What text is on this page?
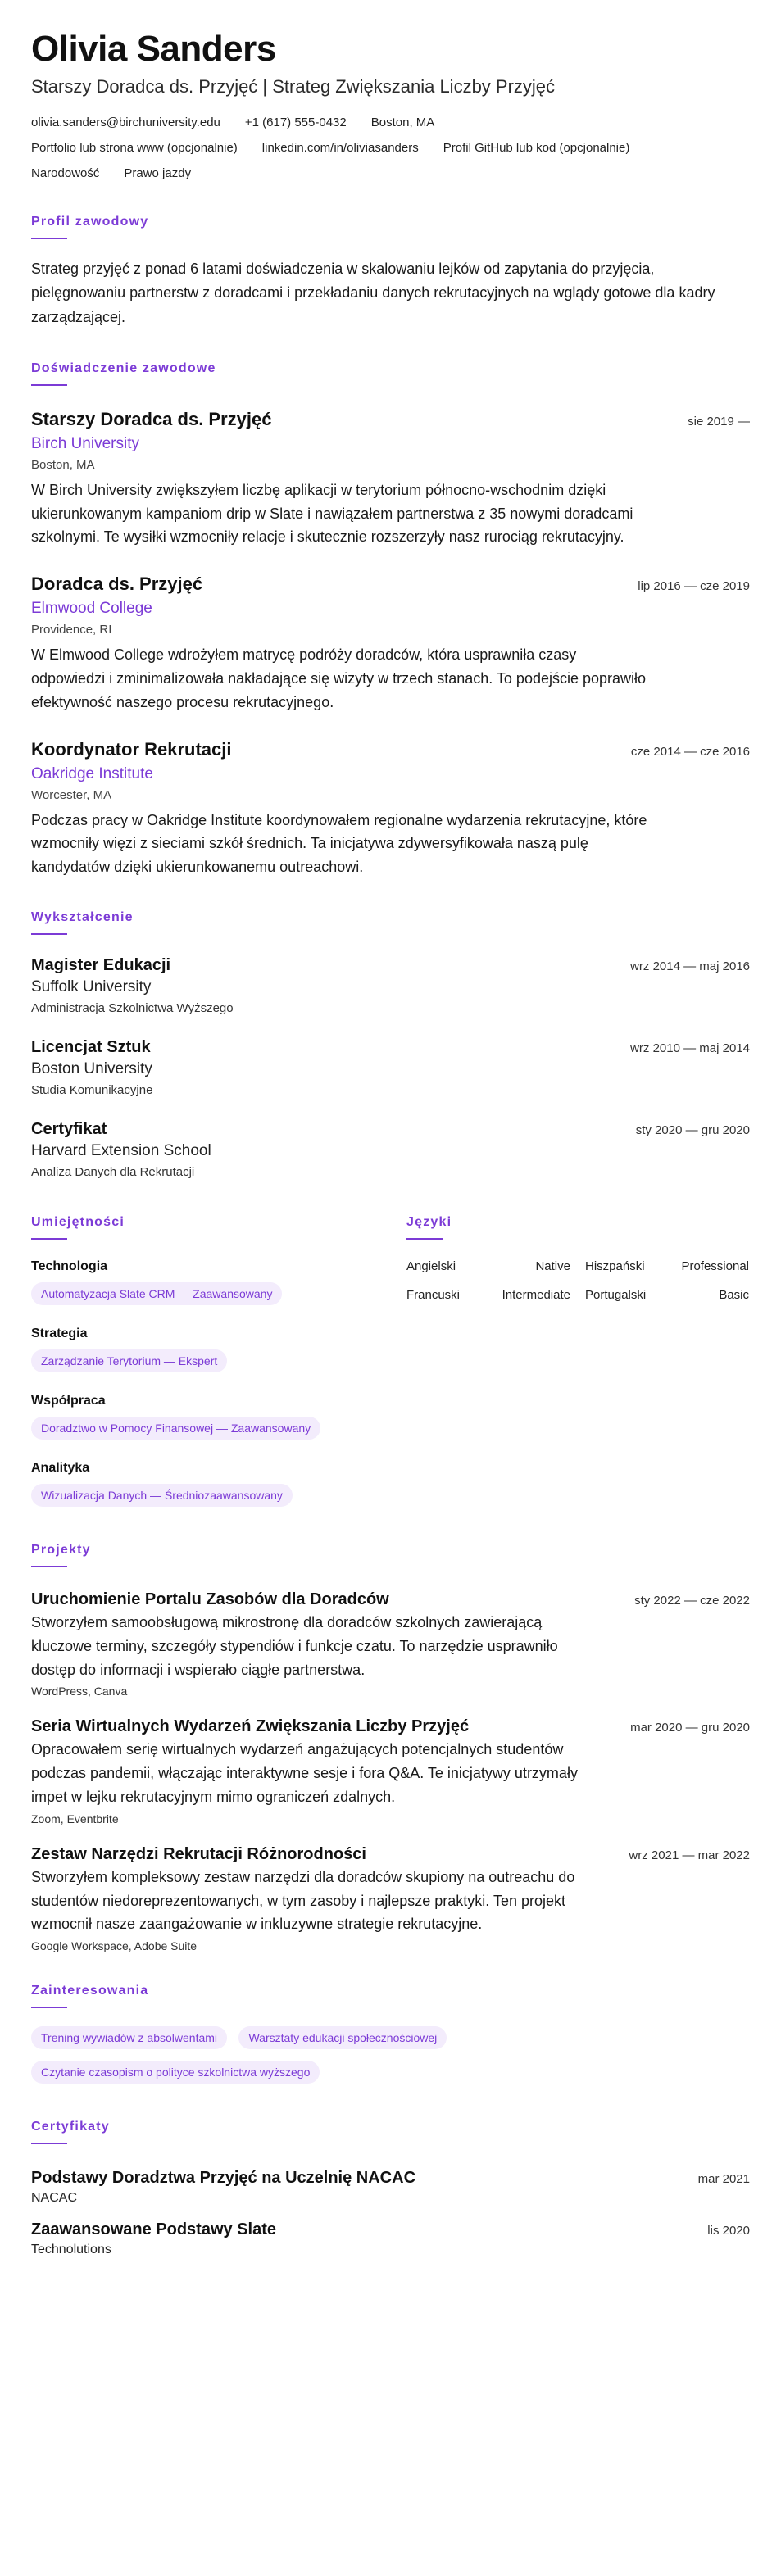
Olivia Sanders
Starszy Doradca ds. Przyjęć | Strateg Zwiększania Liczby Przyjęć
olivia.sanders@birchuniversity.edu +1 (617) 555-0432 Boston, MA
Portfolio lub strona www (opcjonalnie) linkedin.com/in/oliviasanders Profil GitHub lub kod (opcjonalnie)
Narodowość Prawo jazdy
Profil zawodowy

Strateg przyjęć z ponad 6 latami doświadczenia w skalowaniu lejków od zapytania do przyjęcia, pielęgnowaniu partnerstw z doradcami i przekładaniu danych rekrutacyjnych na wglądy gotowe dla kadry zarządzającej.

Doświadczenie zawodowe
Starszy Doradca ds. Przyjęć	sie 2019 —
Birch University
Boston, MA
W Birch University zwiększyłem liczbę aplikacji w terytorium północno-wschodnim dzięki ukierunkowanym kampaniom drip w Slate i nawiązałem partnerstwa z 35 nowymi doradcami szkolnymi. Te wysiłki wzmocniły relacje i skutecznie rozszerzyły nasz rurociąg rekrutacyjny.
Doradca ds. Przyjęć	lip 2016 — cze 2019
Elmwood College
Providence, RI
W Elmwood College wdrożyłem matrycę podróży doradców, która usprawniła czasy odpowiedzi i zminimalizowała nakładające się wizyty w trzech stanach. To podejście poprawiło efektywność naszego procesu rekrutacyjnego.
Koordynator Rekrutacji	cze 2014 — cze 2016
Oakridge Institute
Worcester, MA
Podczas pracy w Oakridge Institute koordynowałem regionalne wydarzenia rekrutacyjne, które wzmocniły więzi z sieciami szkół średnich. Ta inicjatywa zdywersyfikowała naszą pulę kandydatów dzięki ukierunkowanemu outreachowi.
Wykształcenie
Magister Edukacji	wrz 2014 — maj 2016
Suffolk University
Administracja Szkolnictwa Wyższego
Licencjat Sztuk	wrz 2010 — maj 2014
Boston University
Studia Komunikacyjne
Certyfikat	sty 2020 — gru 2020
Harvard Extension School
Analiza Danych dla Rekrutacji
Umiejętności
Technologia
Automatyzacja Slate CRM — Zaawansowany
Strategia
Zarządzanie Terytorium — Ekspert
Współpraca
Doradztwo w Pomocy Finansowej — Zaawansowany
Analityka
Wizualizacja Danych — Średniozaawansowany
Języki
Angielski	Native Hiszpański	Professional
Francuski	Intermediate Portugalski	Basic
Projekty
Uruchomienie Portalu Zasobów dla Doradców	sty 2022 — cze 2022
Stworzyłem samoobsługową mikrostronę dla doradców szkolnych zawierającą kluczowe terminy, szczegóły stypendiów i funkcje czatu. To narzędzie usprawniło dostęp do informacji i wspierało ciągłe partnerstwa.
WordPress, Canva
Seria Wirtualnych Wydarzeń Zwiększania Liczby Przyjęć	mar 2020 — gru 2020
Opracowałem serię wirtualnych wydarzeń angażujących potencjalnych studentów podczas pandemii, włączając interaktywne sesje i fora Q&A. Te inicjatywy utrzymały impet w lejku rekrutacyjnym mimo ograniczeń zdalnych.
Zoom, Eventbrite
Zestaw Narzędzi Rekrutacji Różnorodności	wrz 2021 — mar 2022
Stworzyłem kompleksowy zestaw narzędzi dla doradców skupiony na outreachu do studentów niedoreprezentowanych, w tym zasoby i najlepsze praktyki. Ten projekt wzmocnił nasze zaangażowanie w inkluzywne strategie rekrutacyjne.
Google Workspace, Adobe Suite
Zainteresowania
Trening wywiadów z absolwentami	Warsztaty edukacji społecznościowej Czytanie czasopism o polityce szkolnictwa wyższego
Certyfikaty
Podstawy Doradztwa Przyjęć na Uczelnię NACAC	mar 2021
NACAC
Zaawansowane Podstawy Slate	lis 2020
Technolutions
